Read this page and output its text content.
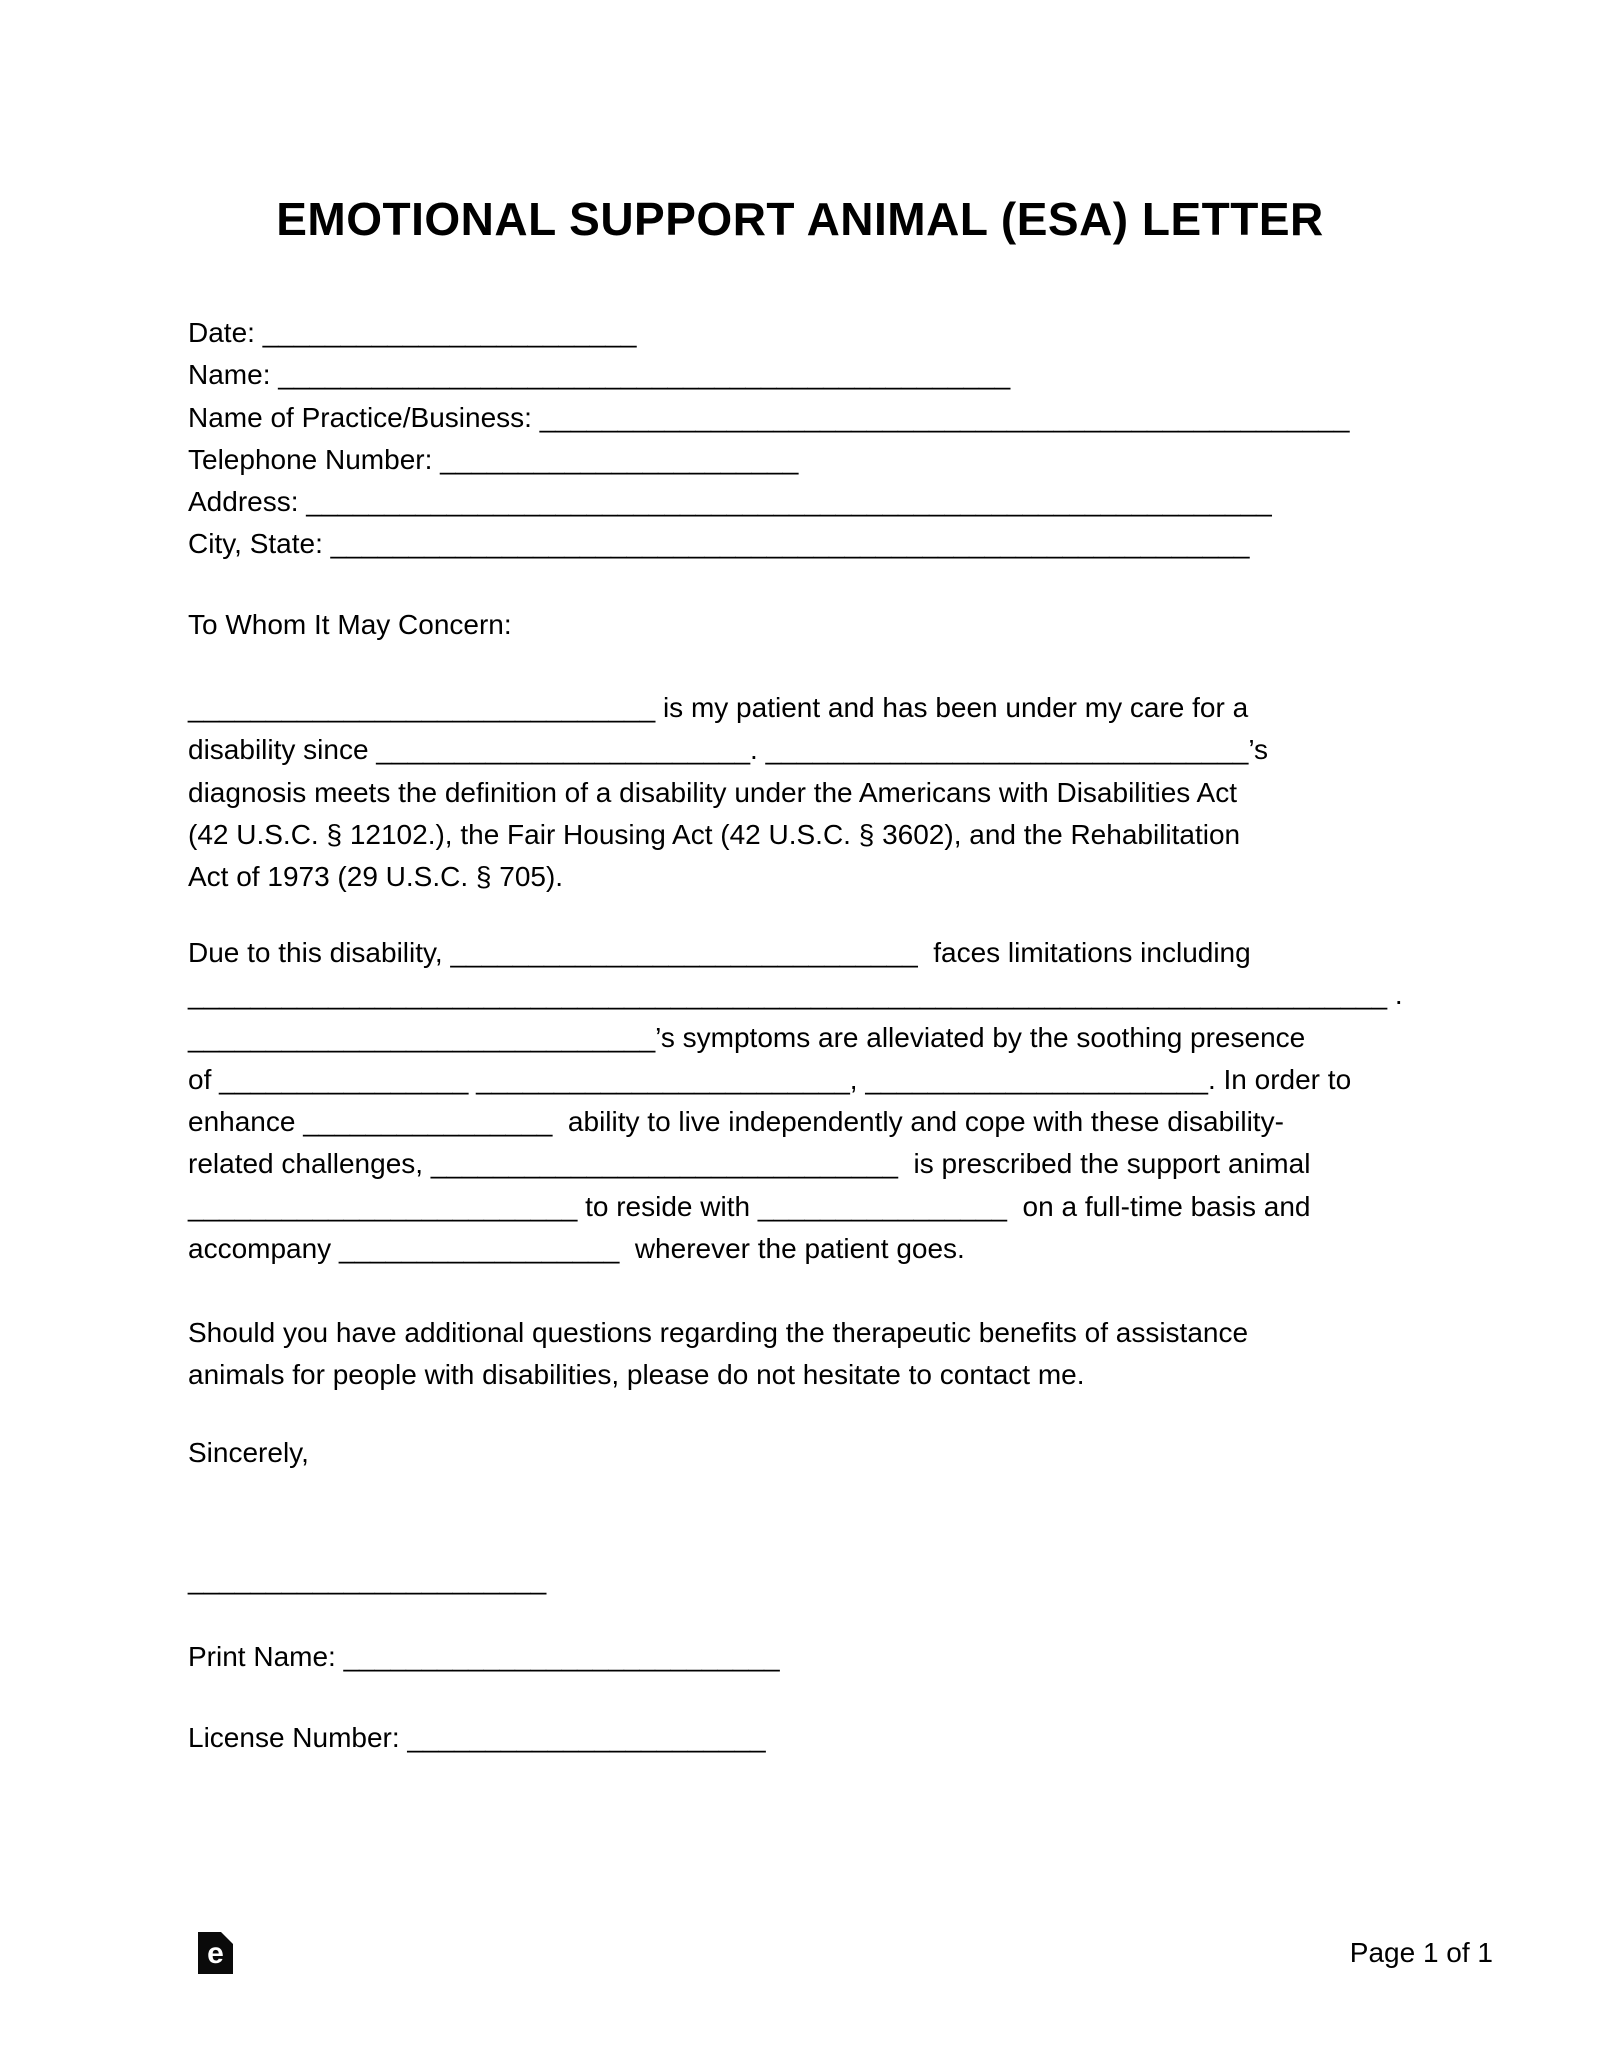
EMOTIONAL SUPPORT ANIMAL (ESA) LETTER
Date: ________________________
Name: _______________________________________________
Name of Practice/Business: ____________________________________________________
Telephone Number: _______________________
Address: ______________________________________________________________
City, State: ___________________________________________________________
To Whom It May Concern:
______________________________ is my patient and has been under my care for a
disability since ________________________. _______________________________’s
diagnosis meets the definition of a disability under the Americans with Disabilities Act
(42 U.S.C. § 12102.), the Fair Housing Act (42 U.S.C. § 3602), and the Rehabilitation
Act of 1973 (29 U.S.C. § 705).
Due to this disability, ______________________________  faces limitations including
_____________________________________________________________________________ .
______________________________’s symptoms are alleviated by the soothing presence
of ________________ ________________________, ______________________. In order to
enhance ________________  ability to live independently and cope with these disability-
related challenges, ______________________________  is prescribed the support animal
_________________________ to reside with ________________  on a full-time basis and
accompany __________________  wherever the patient goes.
Should you have additional questions regarding the therapeutic benefits of assistance
animals for people with disabilities, please do not hesitate to contact me.
Sincerely,
_______________________
Print Name: ____________________________
License Number: _______________________
e	Page 1 of 1
